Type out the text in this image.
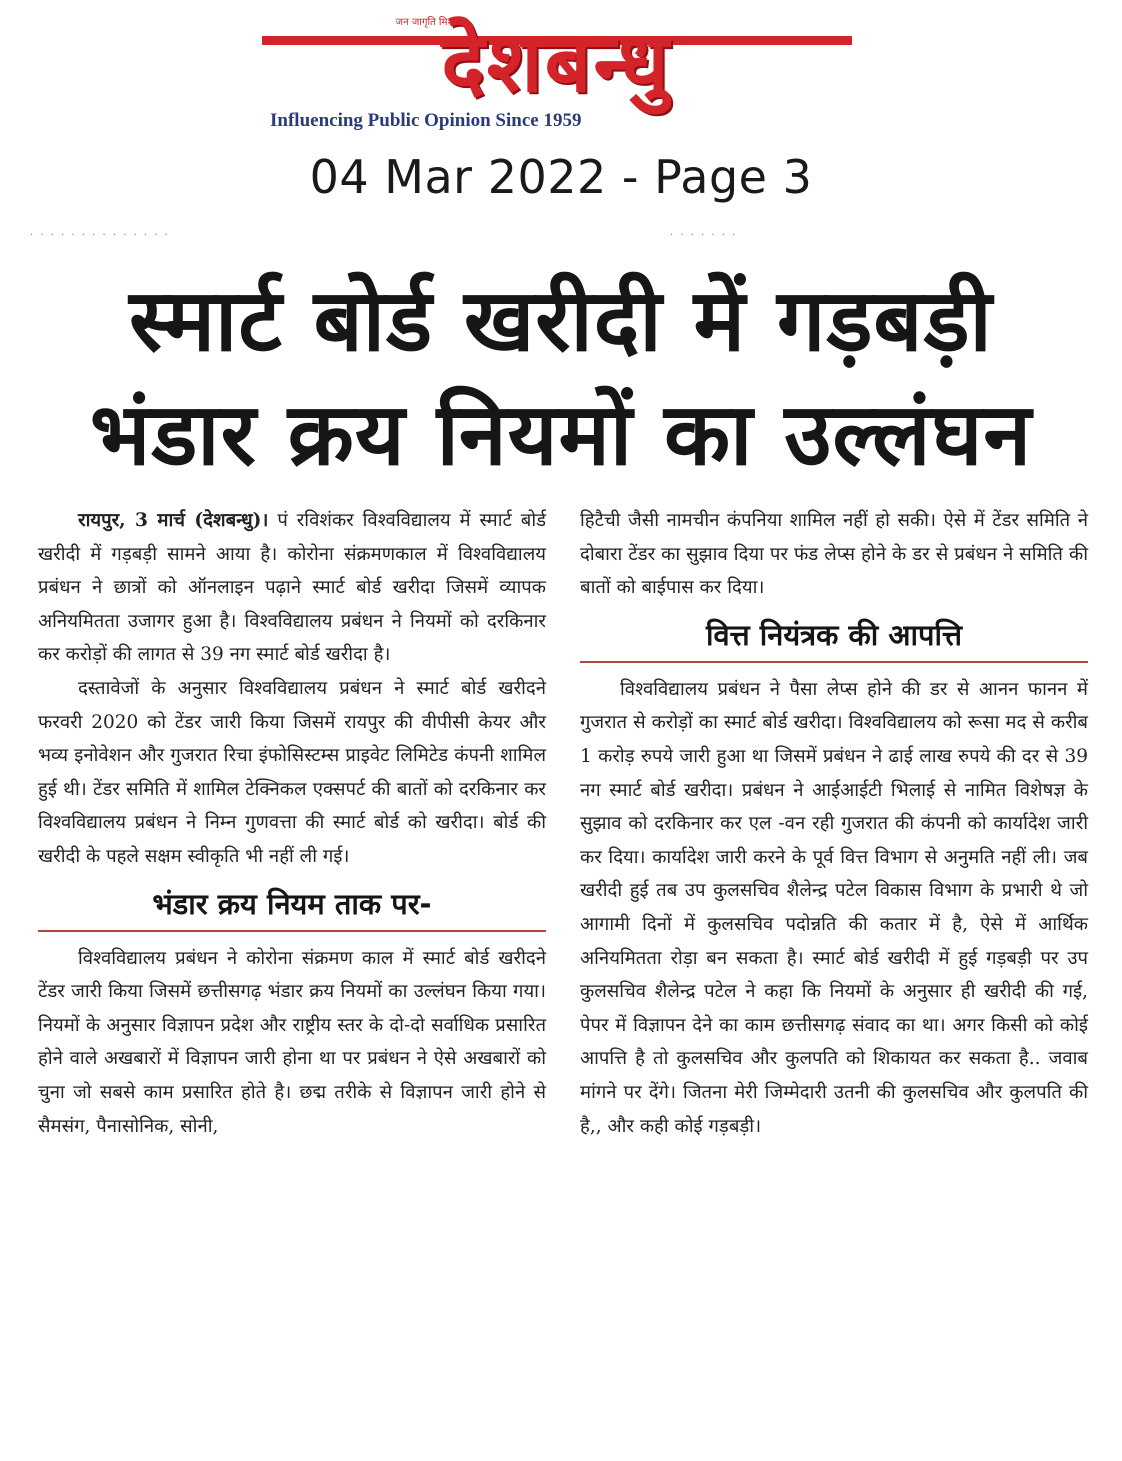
जन जागृति मिश
देशबन्धु
Influencing Public Opinion Since 1959
04 Mar 2022 - Page 3
· · · · · · · · · · · · · ·	· · · · · · ·
स्मार्ट बोर्ड खरीदी में गड़बड़ी
भंडार क्रय नियमों का उल्लंघन

रायपुर, 3 मार्च (देशबन्धु)। पं रविशंकर विश्वविद्यालय में स्मार्ट बोर्ड खरीदी में गड़बड़ी सामने आया है। कोरोना संक्रमणकाल में विश्वविद्यालय प्रबंधन ने छात्रों को ऑनलाइन पढ़ाने स्मार्ट बोर्ड खरीदा जिसमें व्यापक अनियमितता उजागर हुआ है। विश्वविद्यालय प्रबंधन ने नियमों को दरकिनार कर करोड़ों की लागत से 39 नग स्मार्ट बोर्ड खरीदा है।

दस्तावेजों के अनुसार विश्वविद्यालय प्रबंधन ने स्मार्ट बोर्ड खरीदने फरवरी 2020 को टेंडर जारी किया जिसमें रायपुर की वीपीसी केयर और भव्य इनोवेशन और गुजरात रिचा इंफोसिस्टम्स प्राइवेट लिमिटेड कंपनी शामिल हुई थी। टेंडर समिति में शामिल टेक्निकल एक्सपर्ट की बातों को दरकिनार कर विश्वविद्यालय प्रबंधन ने निम्न गुणवत्ता की स्मार्ट बोर्ड को खरीदा। बोर्ड की खरीदी के पहले सक्षम स्वीकृति भी नहीं ली गई।

भंडार क्रय नियम ताक पर-

विश्वविद्यालय प्रबंधन ने कोरोना संक्रमण काल में स्मार्ट बोर्ड खरीदने टेंडर जारी किया जिसमें छत्तीसगढ़ भंडार क्रय नियमों का उल्लंघन किया गया। नियमों के अनुसार विज्ञापन प्रदेश और राष्ट्रीय स्तर के दो-दो सर्वाधिक प्रसारित होने वाले अखबारों में विज्ञापन जारी होना था पर प्रबंधन ने ऐसे अखबारों को चुना जो सबसे काम प्रसारित होते है। छद्म तरीके से विज्ञापन जारी होने से सैमसंग, पैनासोनिक, सोनी,

हिटैची जैसी नामचीन कंपनिया शामिल नहीं हो सकी। ऐसे में टेंडर समिति ने दोबारा टेंडर का सुझाव दिया पर फंड लेप्स होने के डर से प्रबंधन ने समिति की बातों को बाईपास कर दिया।

वित्त नियंत्रक की आपत्ति

विश्वविद्यालय प्रबंधन ने पैसा लेप्स होने की डर से आनन फानन में गुजरात से करोड़ों का स्मार्ट बोर्ड खरीदा। विश्वविद्यालय को रूसा मद से करीब 1 करोड़ रुपये जारी हुआ था जिसमें प्रबंधन ने ढाई लाख रुपये की दर से 39 नग स्मार्ट बोर्ड खरीदा। प्रबंधन ने आईआईटी भिलाई से नामित विशेषज्ञ के सुझाव को दरकिनार कर एल -वन रही गुजरात की कंपनी को कार्यादेश जारी कर दिया। कार्यादेश जारी करने के पूर्व वित्त विभाग से अनुमति नहीं ली। जब खरीदी हुई तब उप कुलसचिव शैलेन्द्र पटेल विकास विभाग के प्रभारी थे जो आगामी दिनों में कुलसचिव पदोन्नति की कतार में है, ऐसे में आर्थिक अनियमितता रोड़ा बन सकता है। स्मार्ट बोर्ड खरीदी में हुई गड़बड़ी पर उप कुलसचिव शैलेन्द्र पटेल ने कहा कि नियमों के अनुसार ही खरीदी की गई, पेपर में विज्ञापन देने का काम छत्तीसगढ़ संवाद का था। अगर किसी को कोई आपत्ति है तो कुलसचिव और कुलपति को शिकायत कर सकता है.. जवाब मांगने पर देंगे। जितना मेरी जिम्मेदारी उतनी की कुलसचिव और कुलपति की है,, और कही कोई गड़बड़ी।
